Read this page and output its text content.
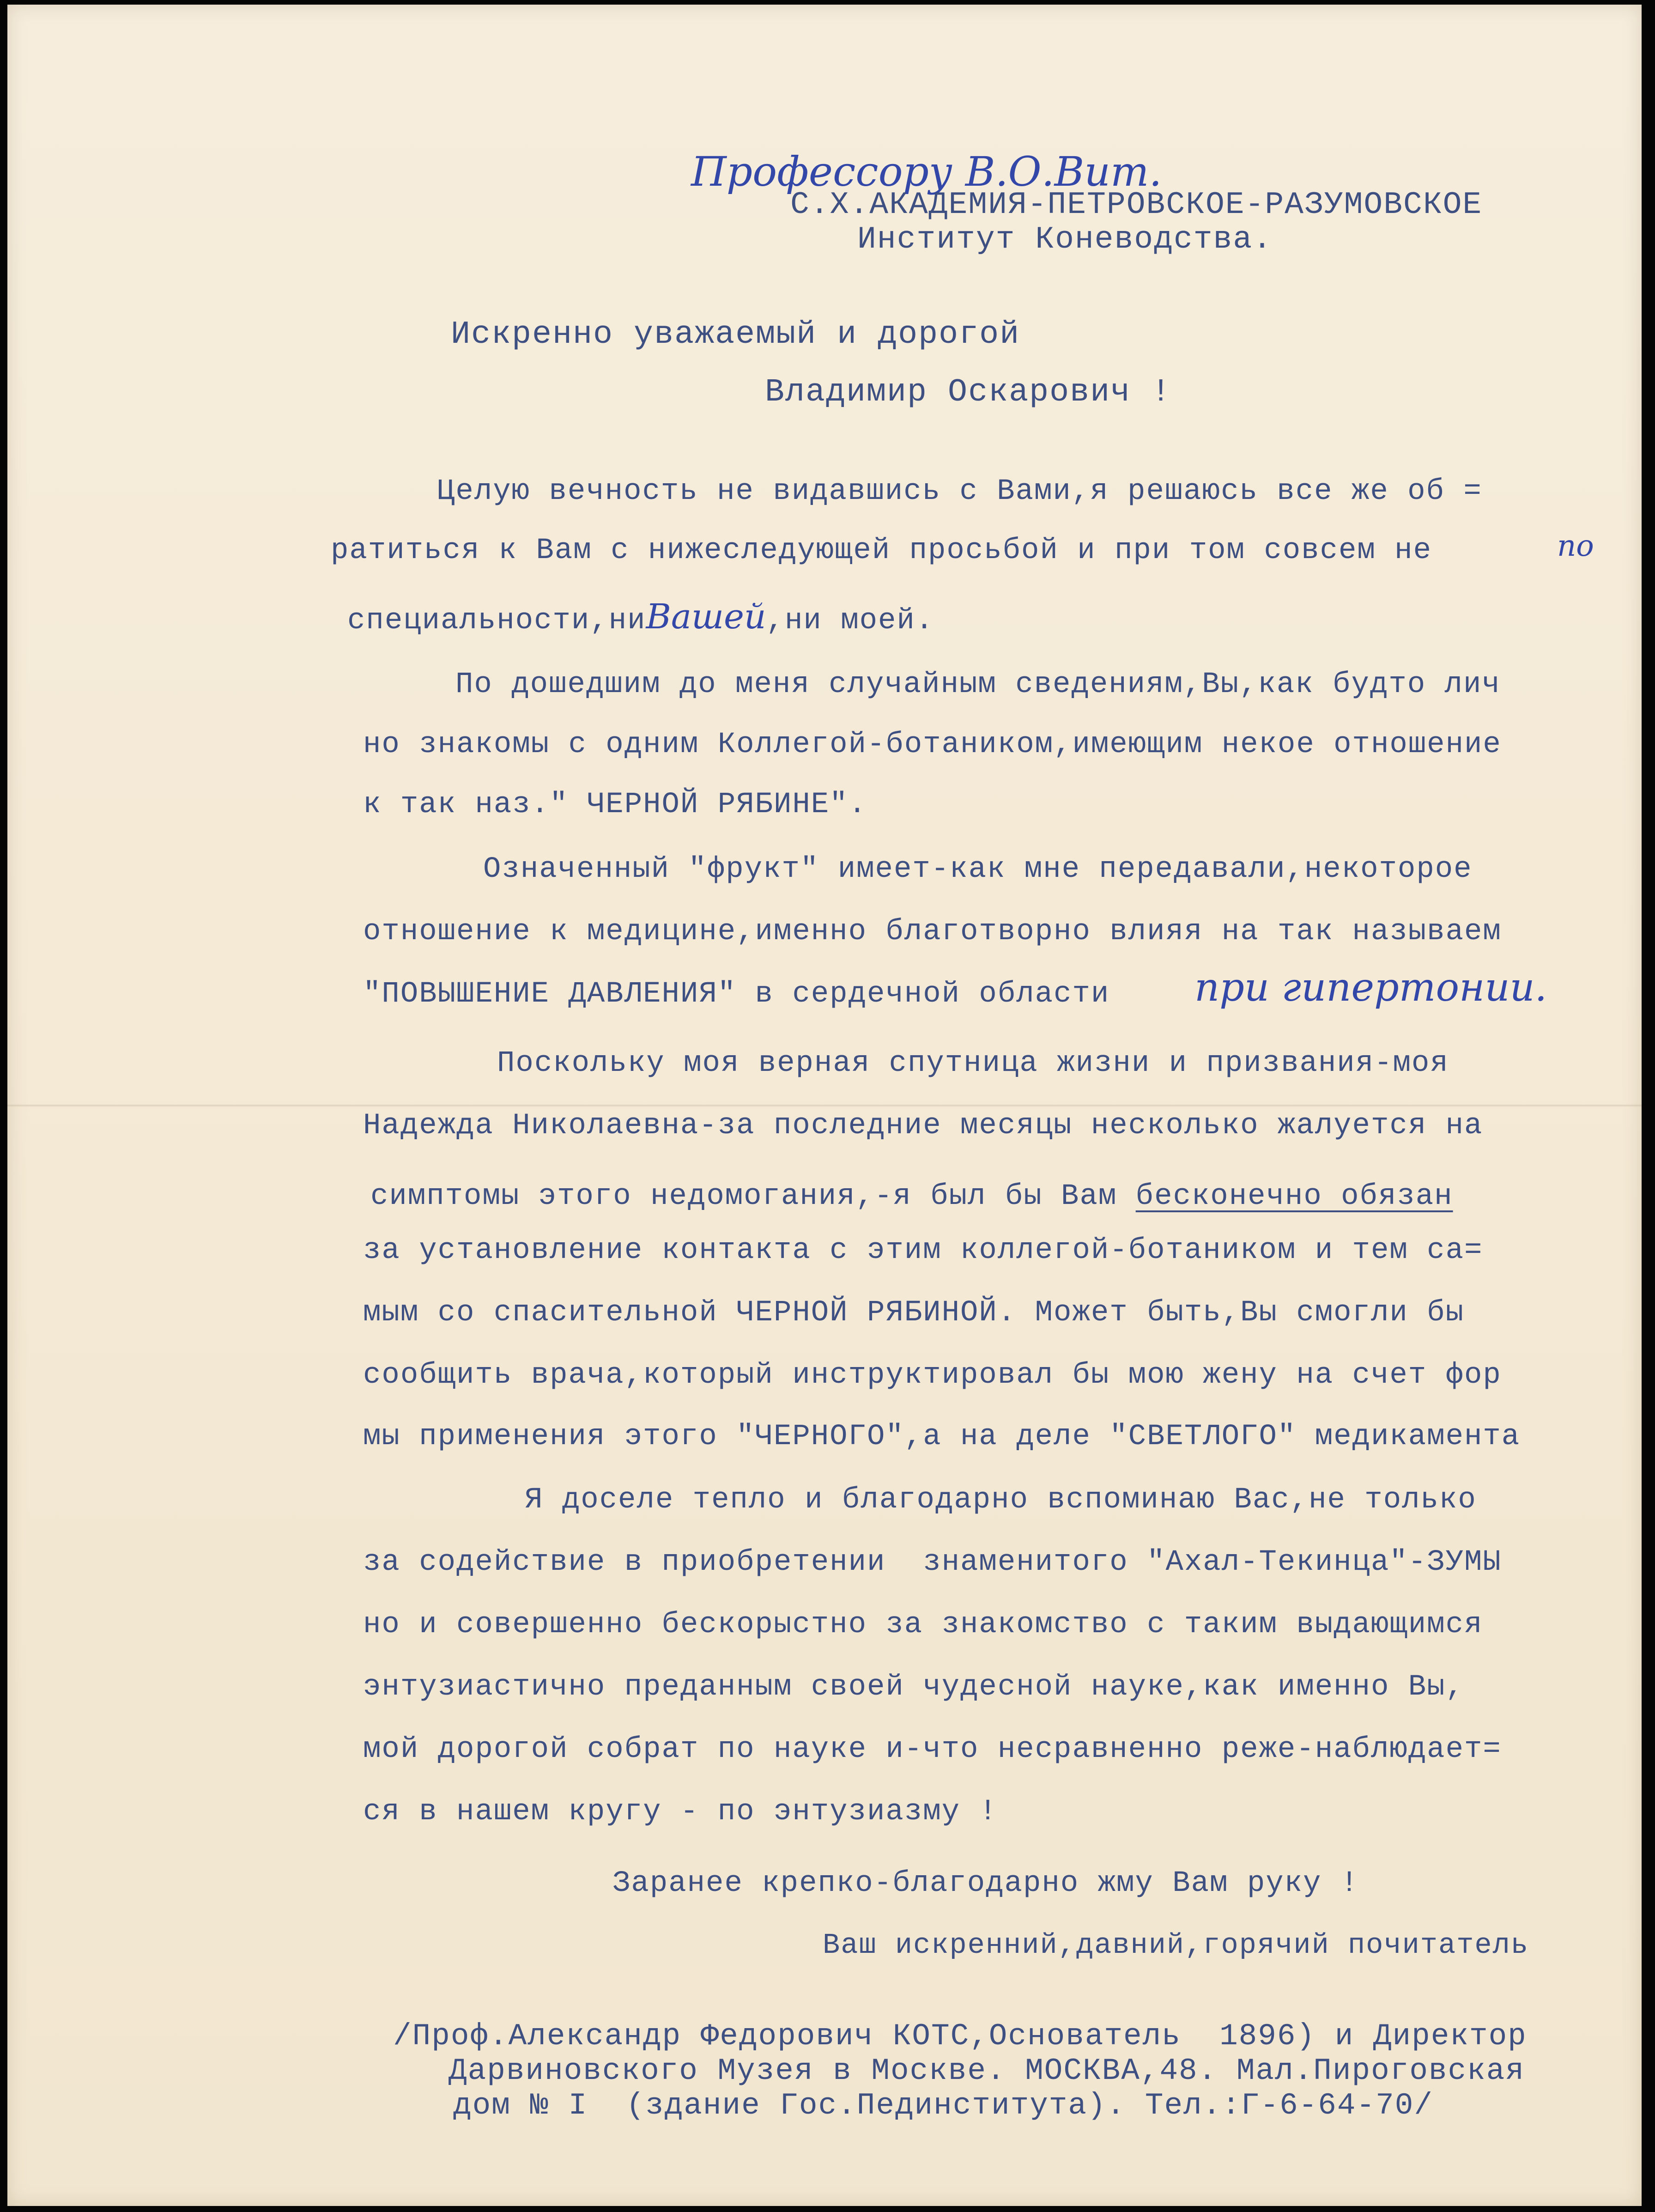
Профессору В.О.Вит.
С.Х.АКАДЕМИЯ-ПЕТРОВСКОЕ-РАЗУМОВСКОЕ
Институт Коневодства.
Искренно уважаемый и дорогой
Владимир Оскарович !
Целую вечность не видавшись с Вами,я решаюсь все же об =
ратиться к Вам с нижеследующей просьбой и при том совсем не	по

специальности,ниВашей,ни моей.

По дошедшим до меня случайным сведениям,Вы,как будто лич
но знакомы с одним Коллегой-ботаником,имеющим некое отношение
к так наз." ЧЕРНОЙ РЯБИНЕ".
Означенный "фрукт" имеет-как мне передавали,некоторое
отношение к медицине,именно благотворно влияя на так называем
"ПОВЫШЕНИЕ ДАВЛЕНИЯ" в сердечной области при гипертонии.
Поскольку моя верная спутница жизни и призвания-моя
Надежда Николаевна-за последние месяцы несколько жалуется на

симптомы этого недомогания,-я был бы Вам бесконечно обязан

за установление контакта с этим коллегой-ботаником и тем са=
мым со спасительной ЧЕРНОЙ РЯБИНОЙ. Может быть,Вы смогли бы
сообщить врача,который инструктировал бы мою жену на счет фор
мы применения этого "ЧЕРНОГО",а на деле "СВЕТЛОГО" медикамента
Я доселе тепло и благодарно вспоминаю Вас,не только
за содействие в приобретении  знаменитого "Ахал-Текинца"-ЗУМЫ
но и совершенно бескорыстно за знакомство с таким выдающимся
энтузиастично преданным своей чудесной науке,как именно Вы,
мой дорогой собрат по науке и-что несравненно реже-наблюдает=
ся в нашем кругу - по энтузиазму !
Заранее крепко-благодарно жму Вам руку !
Ваш искренний,давний,горячий почитатель
/Проф.Александр Федорович КОТС,Основатель  1896) и Директор
Дарвиновского Музея в Москве. МОСКВА,48. Мал.Пироговская
дом № I  (здание Гос.Пединститута). Тел.:Г-6-64-70/
